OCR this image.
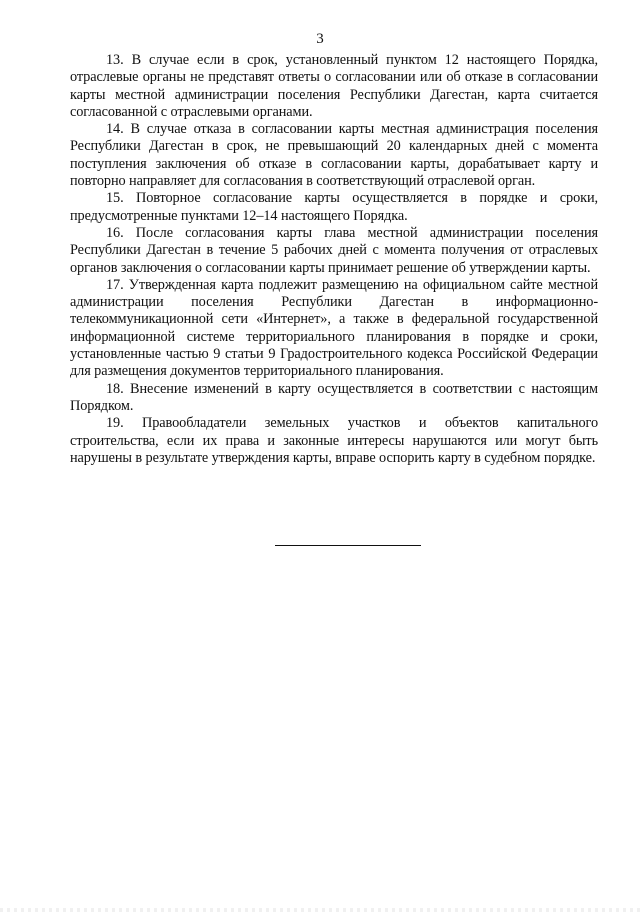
3

13. В случае если в срок, установленный пунктом 12 настоящего Порядка, отраслевые органы не представят ответы о согласовании или об отказе в согласовании карты местной администрации поселения Республики Дагестан, карта считается согласованной с отраслевыми органами.

14. В случае отказа в согласовании карты местная администрация поселения Республики Дагестан в срок, не превышающий 20 календарных дней с момента поступления заключения об отказе в согласовании карты, дорабатывает карту и повторно направляет для согласования в соответствующий отраслевой орган.

15. Повторное согласование карты осуществляется в порядке и сроки, предусмотренные пунктами 12–14 настоящего Порядка.

16. После согласования карты глава местной администрации поселения Республики Дагестан в течение 5 рабочих дней с момента получения от отраслевых органов заключения о согласовании карты принимает решение об утверждении карты.

17. Утвержденная карта подлежит размещению на официальном сайте местной администрации поселения Республики Дагестан в информационно-телекоммуникационной сети «Интернет», а также в федеральной государственной информационной системе территориального планирования в порядке и сроки, установленные частью 9 статьи 9 Градостроительного кодекса Российской Федерации для размещения документов территориального планирования.

18. Внесение изменений в карту осуществляется в соответствии с настоящим Порядком.

19. Правообладатели земельных участков и объектов капитального строительства, если их права и законные интересы нарушаются или могут быть нарушены в результате утверждения карты, вправе оспорить карту в судебном порядке.
